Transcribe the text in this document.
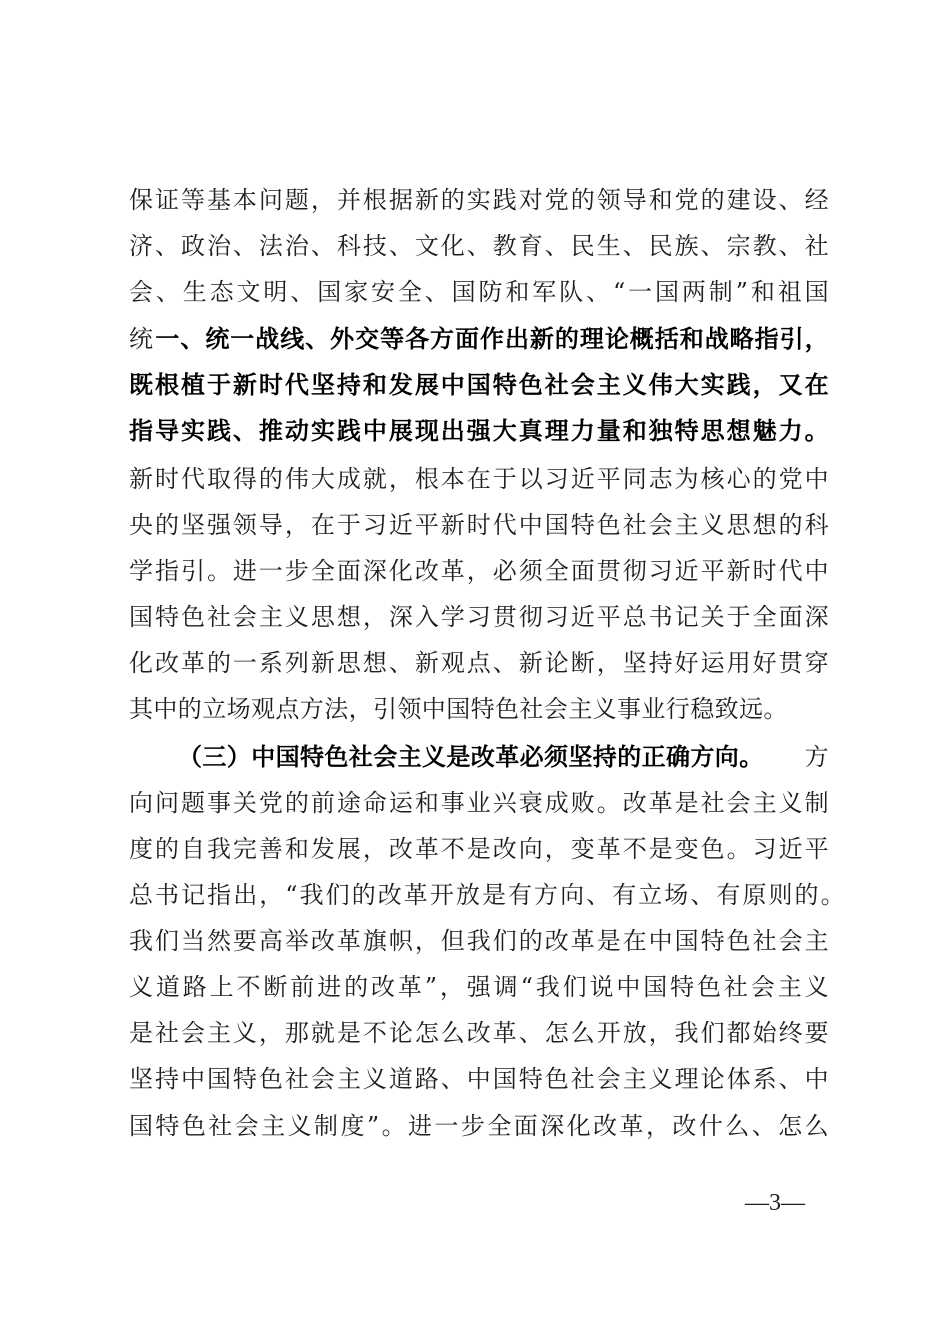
保证等基本问题，并根据新的实践对党的领导和党的建设、经
济、政治、法治、科技、文化、教育、民生、民族、宗教、社
会、生态文明、国家安全、国防和军队、“一国两制”和祖国
统 一、统一战线、外交等各方面作出新的理论概括和战略指引，
既根植于新时代坚持和发展中国特色社会主义伟大实践，又在
指导实践、推动实践中展现出强大真理力量和独特思想魅力。
新时代取得的伟大成就，根本在于以习近平同志为核心的党中
央的坚强领导，在于习近平新时代中国特色社会主义思想的科
学指引。进一步全面深化改革，必须全面贯彻习近平新时代中
国特色社会主义思想，深入学习贯彻习近平总书记关于全面深
化改革的一系列新思想、新观点、新论断，坚持好运用好贯穿
其中的立场观点方法，引领中国特色社会主义事业行稳致远。
（三）中国特色社会主义是改革必须坚持的正确方向。 方
向问题事关党的前途命运和事业兴衰成败。改革是社会主义制
度的自我完善和发展，改革不是改向，变革不是变色。习近平
总书记指出，“我们的改革开放是有方向、有立场、有原则的。
我们当然要高举改革旗帜，但我们的改革是在中国特色社会主
义道路上不断前进的改革”，强调“我们说中国特色社会主义
是社会主义，那就是不论怎么改革、怎么开放，我们都始终要
坚持中国特色社会主义道路、中国特色社会主义理论体系、中
国特色社会主义制度”。进一步全面深化改革，改什么、怎么
—3—
